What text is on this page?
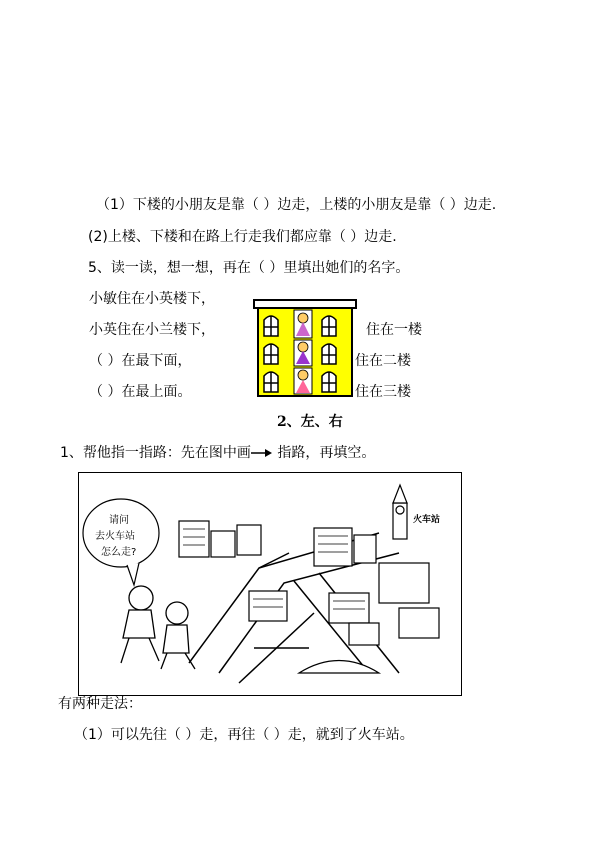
（1）下楼的小朋友是靠（ ）边走，上楼的小朋友是靠（ ）边走.
(2)上楼、下楼和在路上行走我们都应靠（ ）边走.
5、读一读，想一想，再在（ ）里填出她们的名字。
小敏住在小英楼下，
小英住在小兰楼下，
（ ）在最下面，
（ ）在最上面。
住在一楼
住在二楼
住在三楼
2、左、右
1、帮他指一指路：先在图中画 指路，再填空。
火车站
请问
去火车站
怎么走?
有两种走法：
（1）可以先往（ ）走，再往（ ）走，就到了火车站。
